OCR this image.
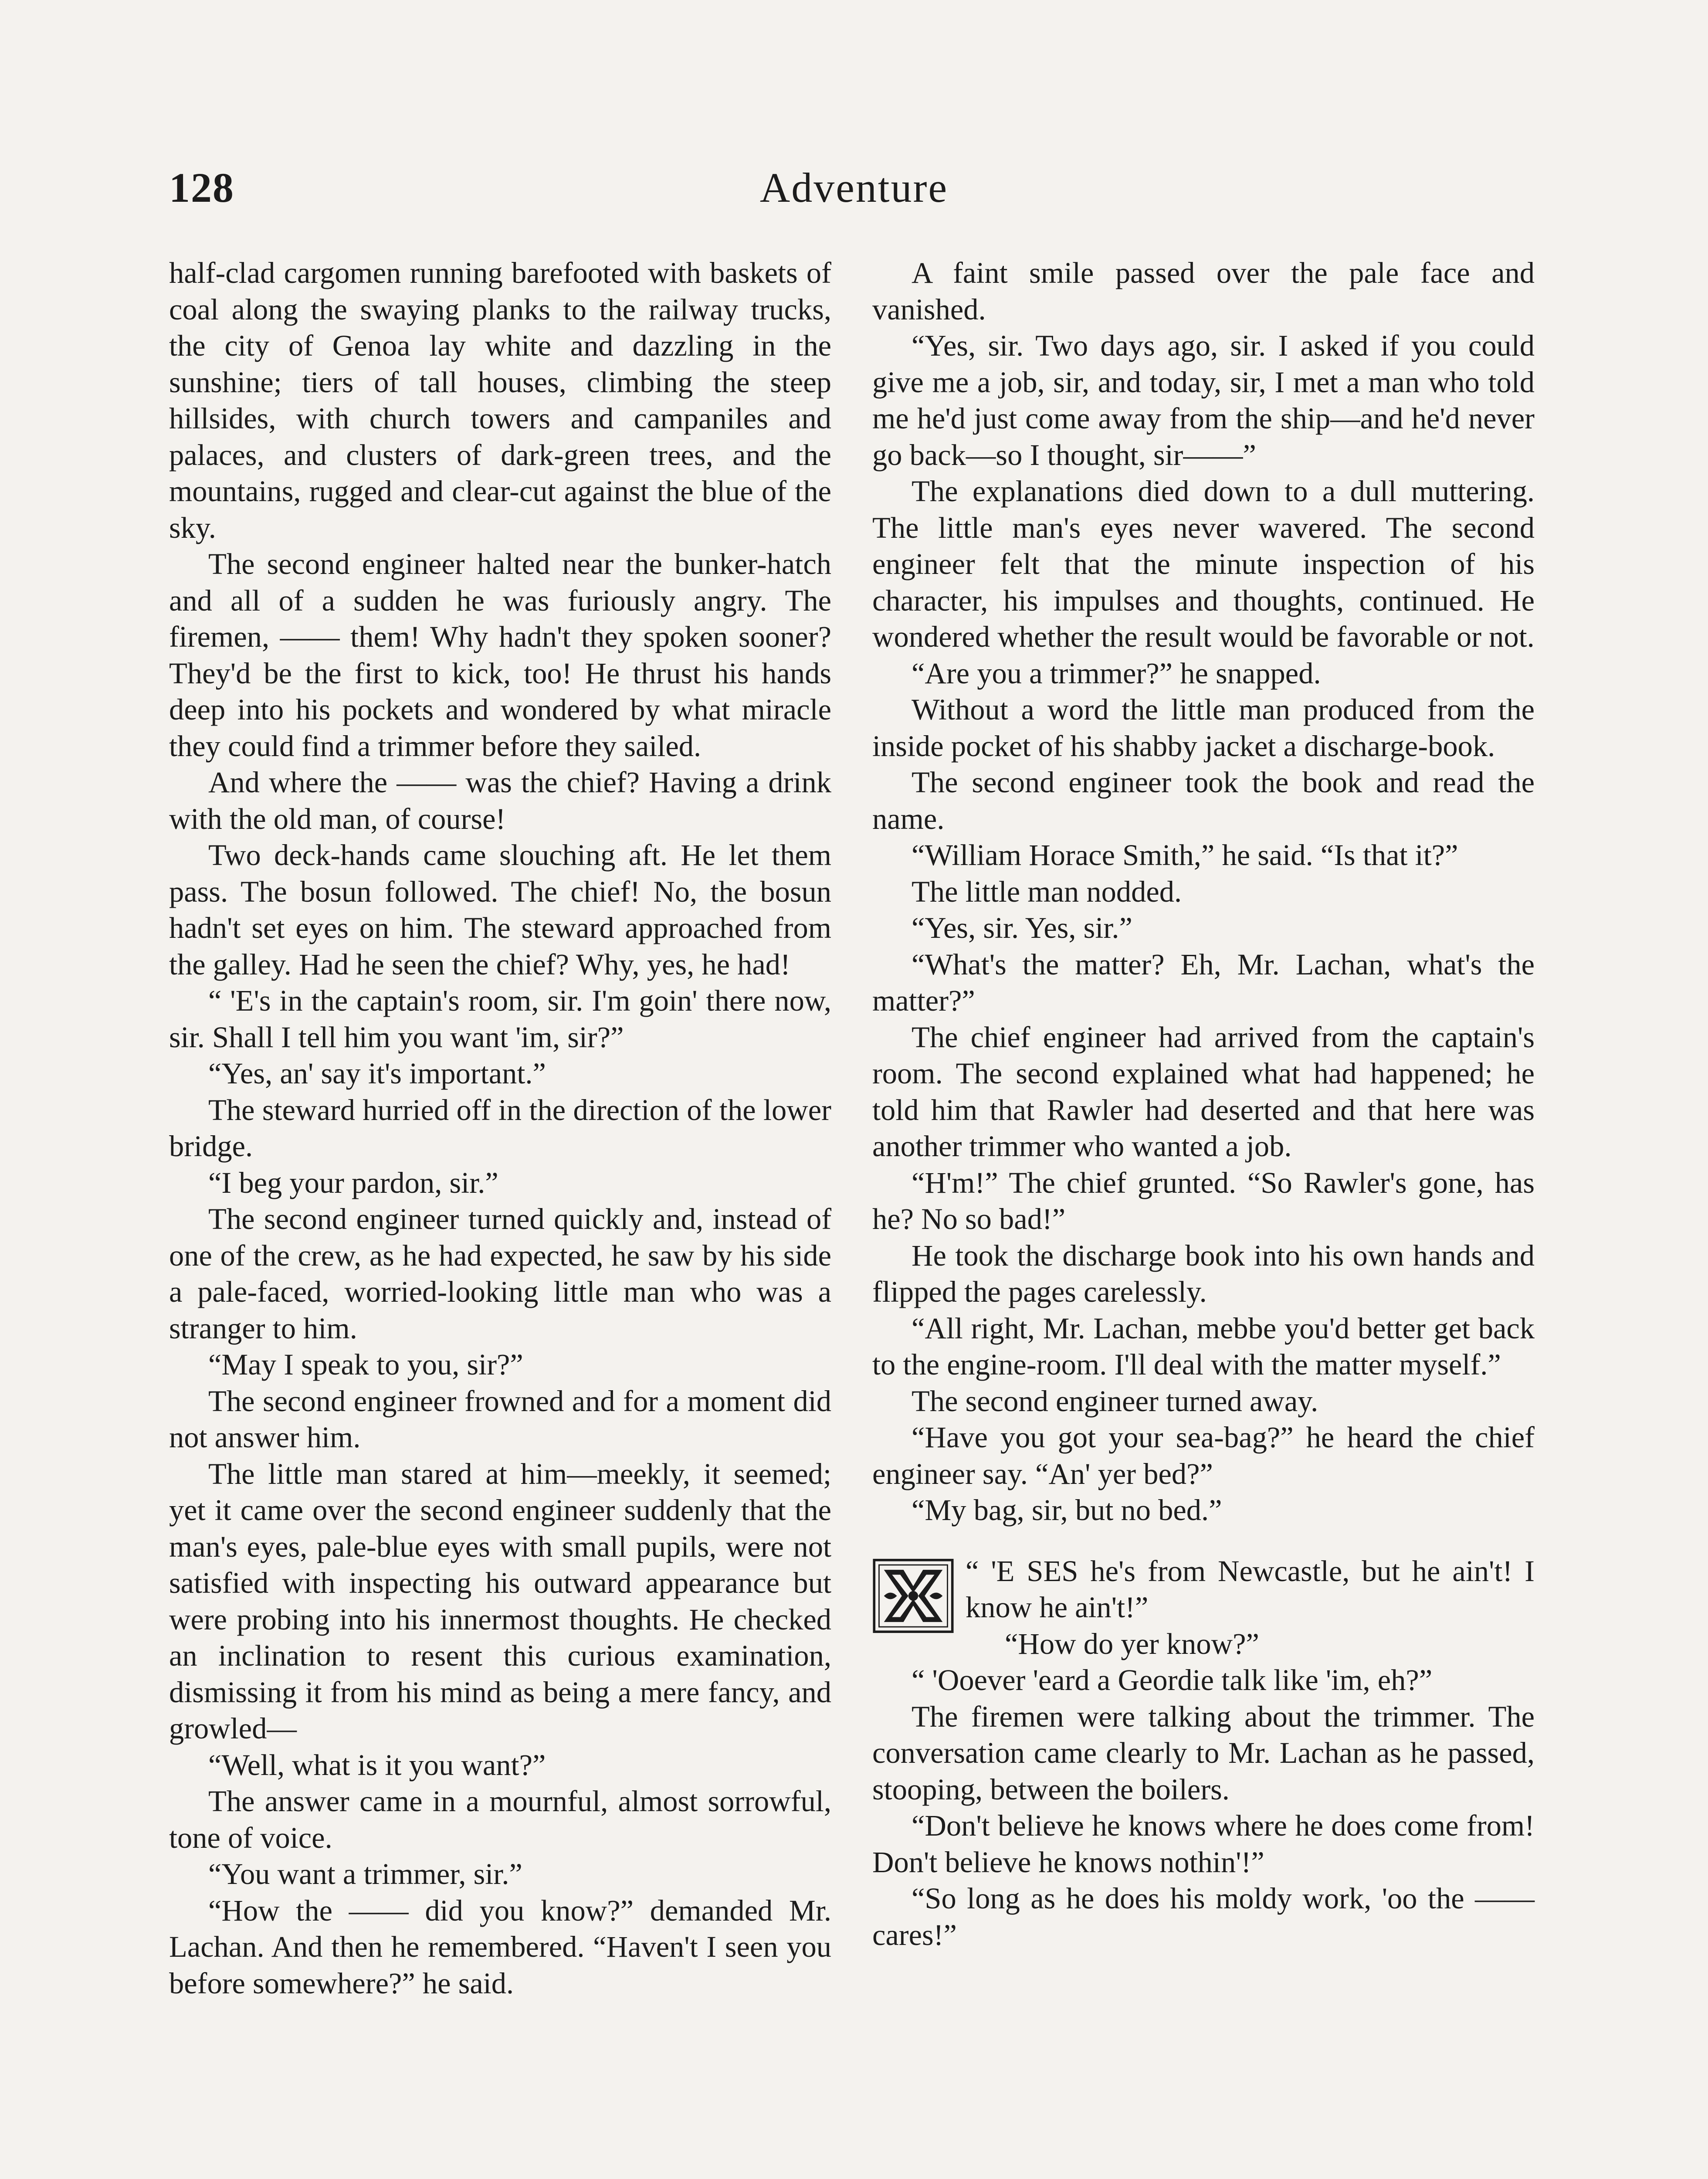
128	Adventure

half-clad cargomen running barefooted with baskets of coal along the swaying planks to the railway trucks, the city of Genoa lay white and dazzling in the sunshine; tiers of tall houses, climbing the steep hillsides, with church towers and campaniles and palaces, and clusters of dark-green trees, and the mountains, rugged and clear-cut against the blue of the sky.

The second engineer halted near the bunker-hatch and all of a sudden he was furiously angry. The firemen, —— them! Why hadn't they spoken sooner? They'd be the first to kick, too! He thrust his hands deep into his pockets and wondered by what miracle they could find a trimmer before they sailed.

And where the —— was the chief? Having a drink with the old man, of course!

Two deck-hands came slouching aft. He let them pass. The bosun followed. The chief! No, the bosun hadn't set eyes on him. The steward approached from the galley. Had he seen the chief? Why, yes, he had!

“ 'E's in the captain's room, sir. I'm goin' there now, sir. Shall I tell him you want 'im, sir?”

“Yes, an' say it's important.”

The steward hurried off in the direction of the lower bridge.

“I beg your pardon, sir.”

The second engineer turned quickly and, instead of one of the crew, as he had expected, he saw by his side a pale-faced, worried-looking little man who was a stranger to him.

“May I speak to you, sir?”

The second engineer frowned and for a moment did not answer him.

The little man stared at him—meekly, it seemed; yet it came over the second engineer suddenly that the man's eyes, pale-blue eyes with small pupils, were not satisfied with inspecting his outward appearance but were probing into his innermost thoughts. He checked an inclination to resent this curious examination, dismissing it from his mind as being a mere fancy, and growled—

“Well, what is it you want?”

The answer came in a mournful, almost sorrowful, tone of voice.

“You want a trimmer, sir.”

“How the —— did you know?” demanded Mr. Lachan. And then he remembered. “Haven't I seen you before somewhere?” he said.

A faint smile passed over the pale face and vanished.

“Yes, sir. Two days ago, sir. I asked if you could give me a job, sir, and today, sir, I met a man who told me he'd just come away from the ship—and he'd never go back—so I thought, sir——”

The explanations died down to a dull muttering. The little man's eyes never wavered. The second engineer felt that the minute inspection of his character, his impulses and thoughts, continued. He wondered whether the result would be favorable or not.

“Are you a trimmer?” he snapped.

Without a word the little man produced from the inside pocket of his shabby jacket a discharge-book.

The second engineer took the book and read the name.

“William Horace Smith,” he said. “Is that it?”

The little man nodded.

“Yes, sir. Yes, sir.”

“What's the matter? Eh, Mr. Lachan, what's the matter?”

The chief engineer had arrived from the captain's room. The second explained what had happened; he told him that Rawler had deserted and that here was another trimmer who wanted a job.

“H'm!” The chief grunted. “So Rawler's gone, has he? No so bad!”

He took the discharge book into his own hands and flipped the pages carelessly.

“All right, Mr. Lachan, mebbe you'd better get back to the engine-room. I'll deal with the matter myself.”

The second engineer turned away.

“Have you got your sea-bag?” he heard the chief engineer say. “An' yer bed?”

“My bag, sir, but no bed.”

“ 'E SES he's from Newcastle, but he ain't! I know he ain't!”

“How do yer know?”

“ 'Ooever 'eard a Geordie talk like 'im, eh?”

The firemen were talking about the trimmer. The conversation came clearly to Mr. Lachan as he passed, stooping, between the boilers.

“Don't believe he knows where he does come from! Don't believe he knows nothin'!”

“So long as he does his moldy work, 'oo the —— cares!”
